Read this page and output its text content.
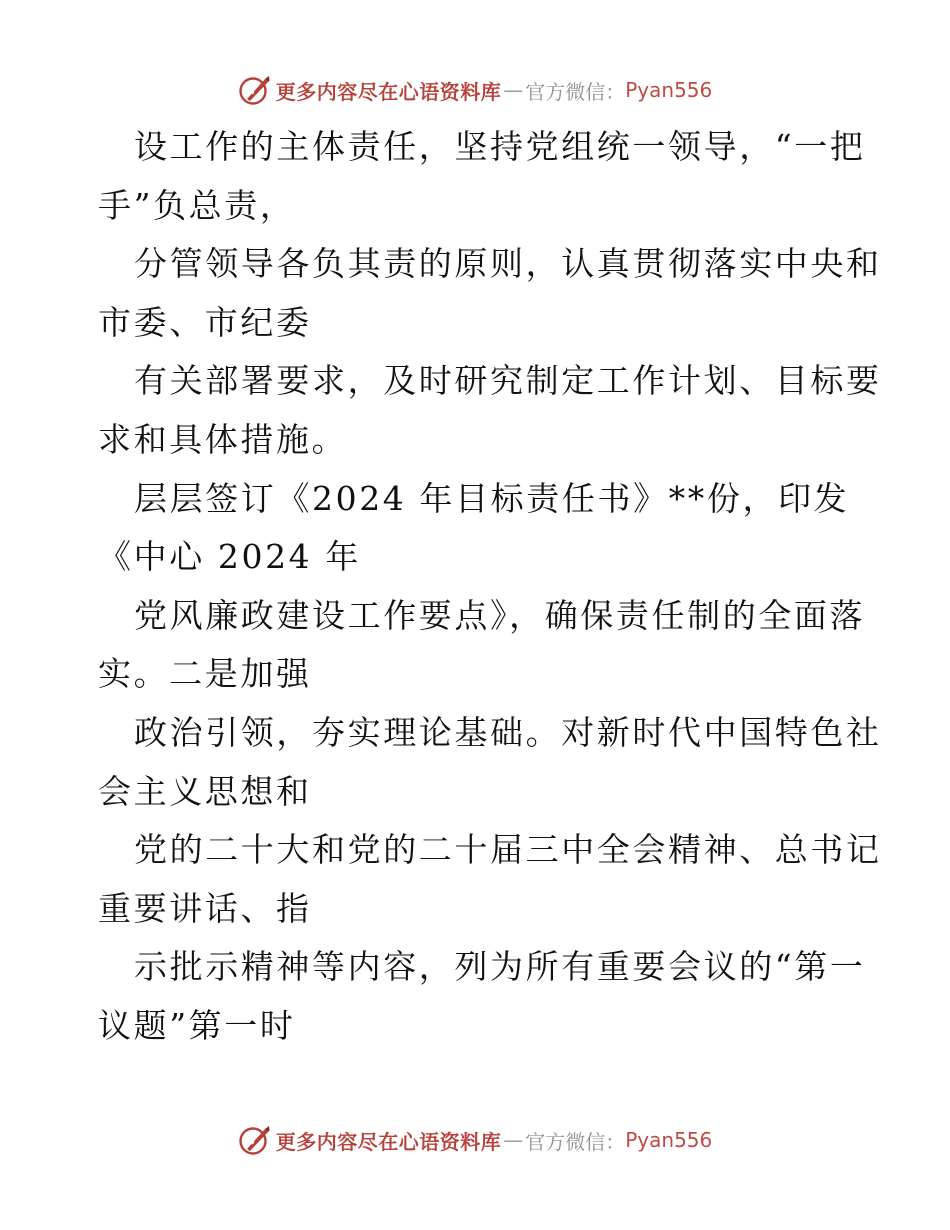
更多内容尽在心语资料库 — 官方微信： Pyan556
设工作的主体责任，坚持党组统一领导，“一把
手”负总责，
分管领导各负其责的原则，认真贯彻落实中央和
市委、市纪委
有关部署要求，及时研究制定工作计划、目标要
求和具体措施。
层层签订《2024 年目标责任书》**份，印发
《中心 2024 年
党风廉政建设工作要点》，确保责任制的全面落
实。二是加强
政治引领，夯实理论基础。对新时代中国特色社
会主义思想和
党的二十大和党的二十届三中全会精神、总书记
重要讲话、指
示批示精神等内容，列为所有重要会议的“第一
议题”第一时
更多内容尽在心语资料库 — 官方微信： Pyan556
